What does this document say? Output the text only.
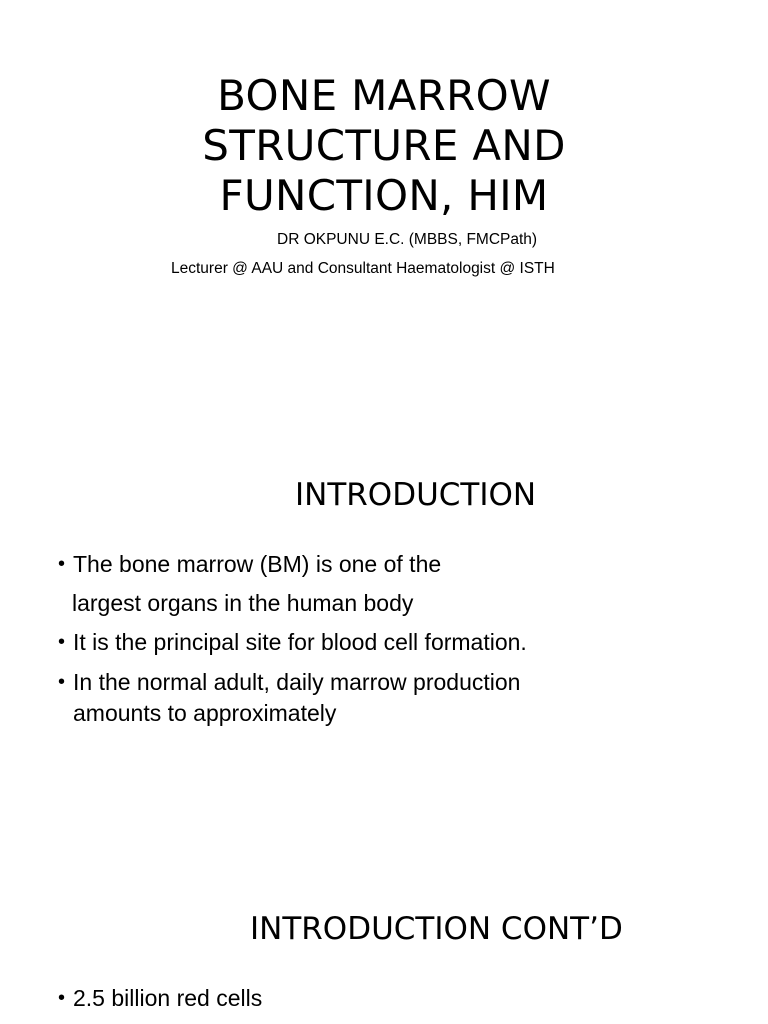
BONE MARROW
STRUCTURE AND
FUNCTION, HIM
DR OKPUNU E.C. (MBBS, FMCPath)
Lecturer @ AAU and Consultant Haematologist @ ISTH
INTRODUCTION
• The bone marrow (BM) is one of the
largest organs in the human body
• It is the principal site for blood cell formation.
• In the normal adult, daily marrow production amounts to approximately
INTRODUCTION CONT’D
• 2.5 billion red cells
